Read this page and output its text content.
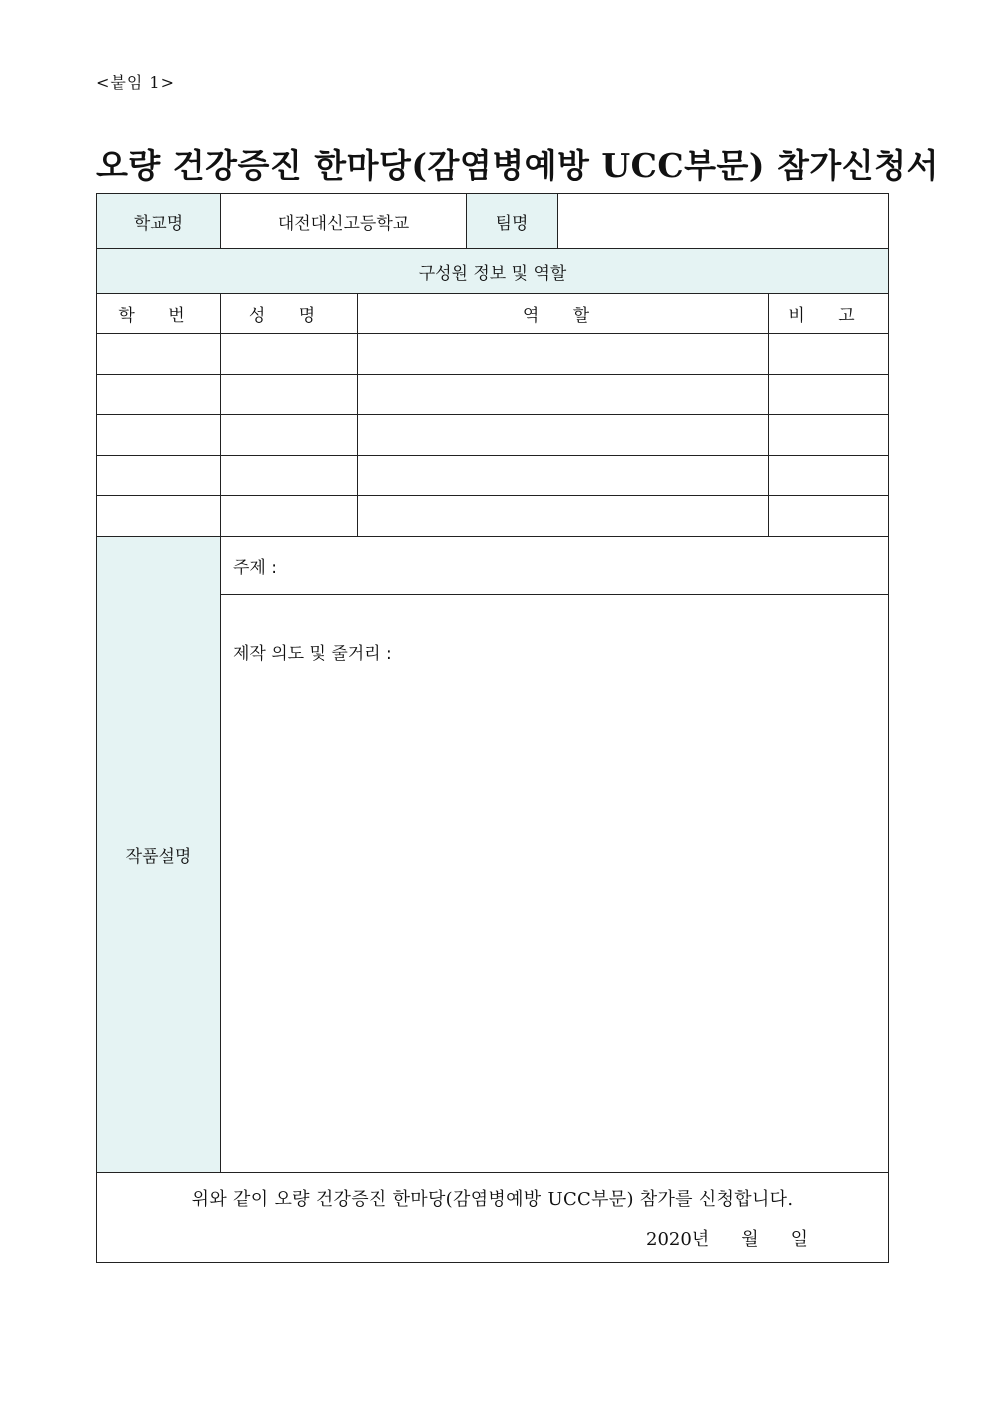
<붙임 1>
오량 건강증진 한마당(감염병예방 UCC부문) 참가신청서
학교명	대전대신고등학교		팀명		
구성원 정보 및 역할					
학 번	성 명	역 할			비 고

작품설명	주제 :				
	제작 의도 및 줄거리 :				

위와 같이 오량 건강증진 한마당(감염병예방 UCC부문) 참가를 신청합니다.
2020년 월 일					
